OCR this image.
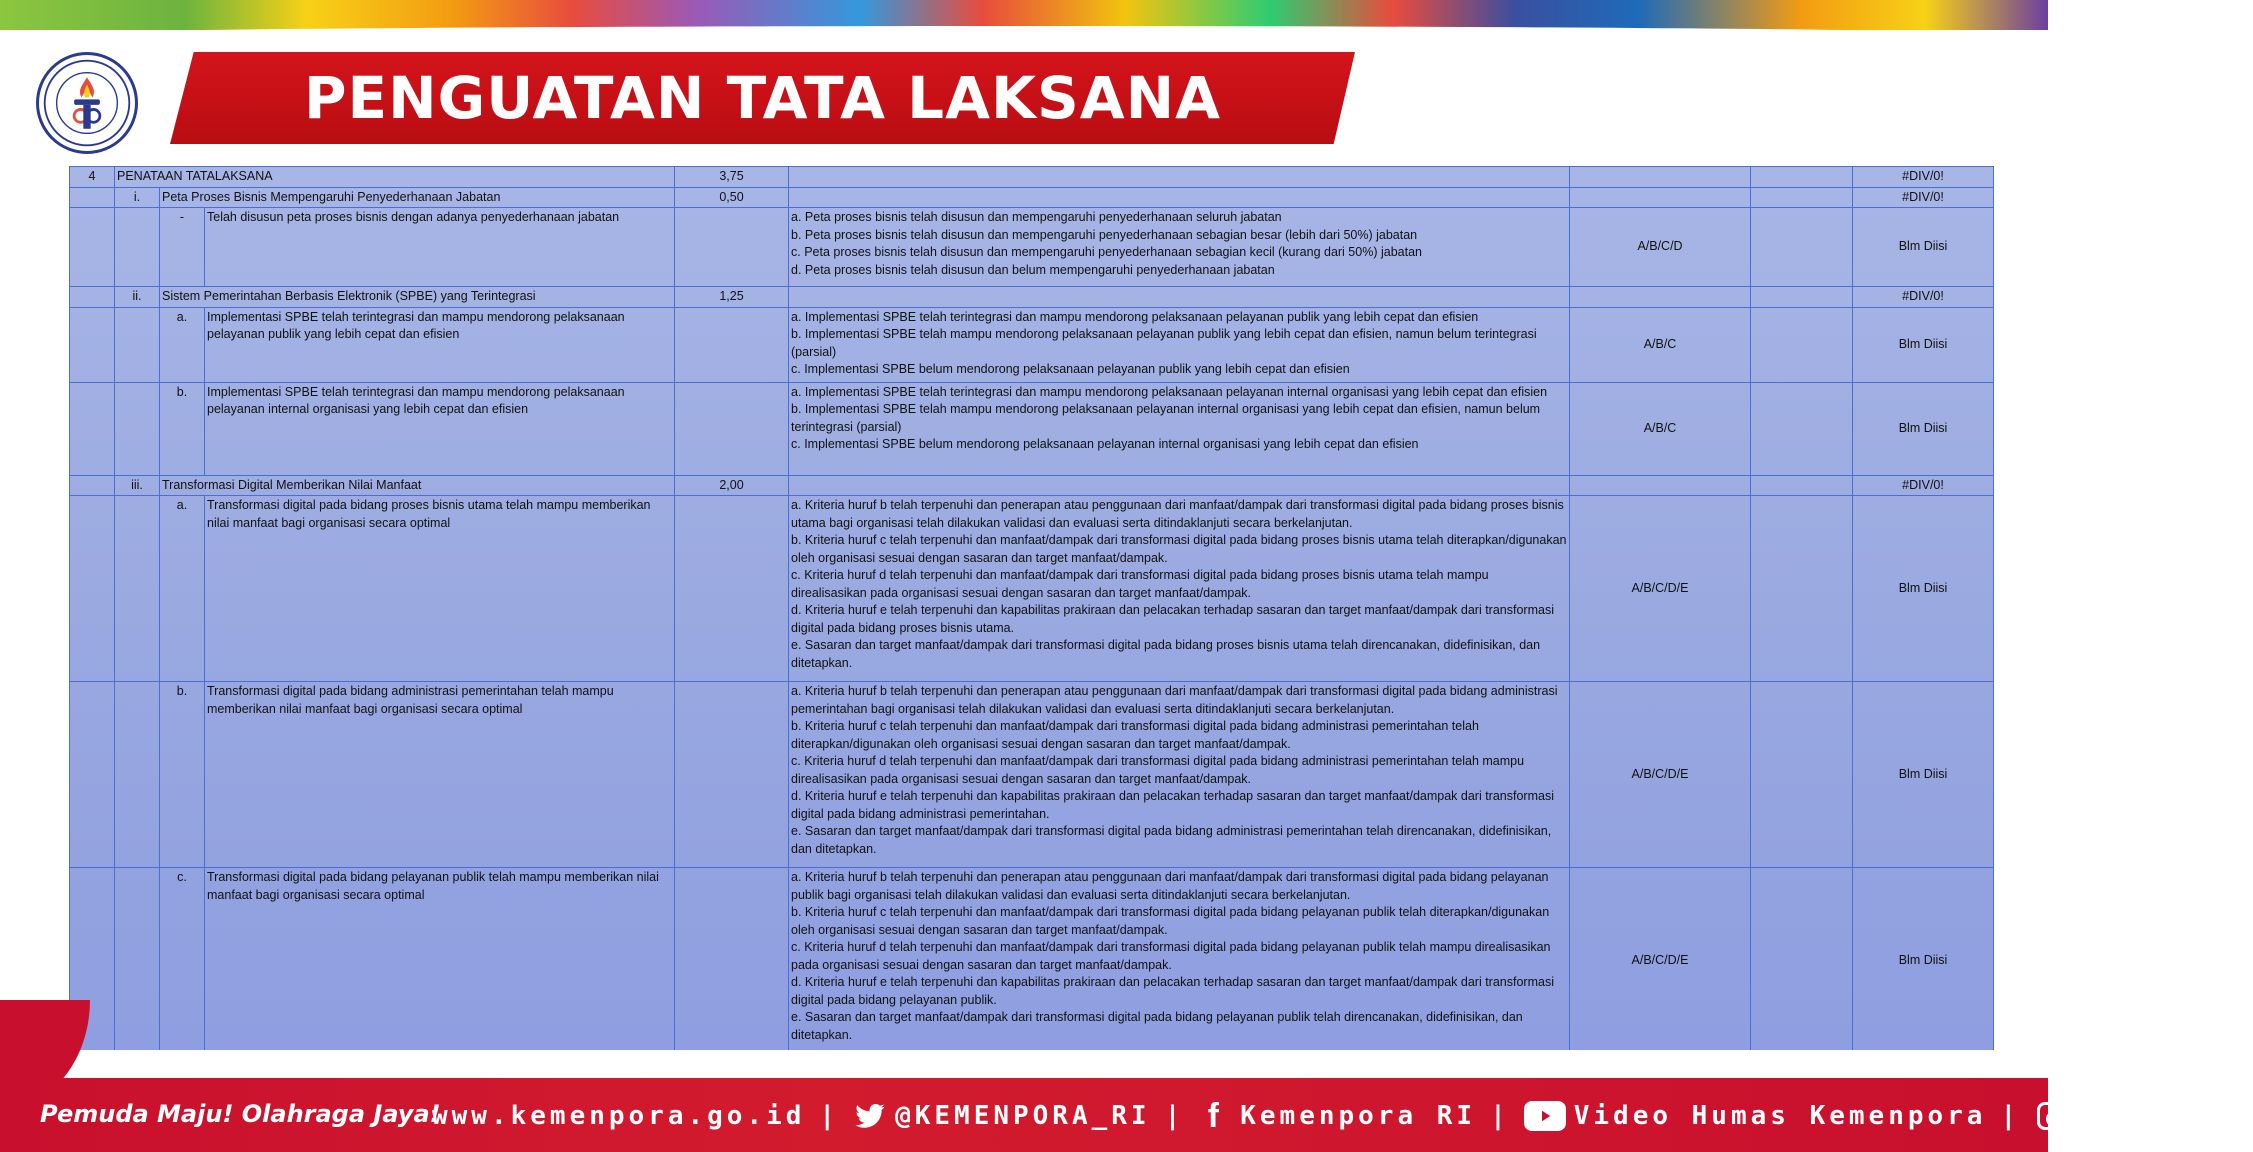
PENGUATAN TATA LAKSANA
4	PENATAAN TATALAKSANA			3,75				#DIV/0!
	i.	Peta Proses Bisnis Mempengaruhi Penyederhanaan Jabatan		0,50				#DIV/0!
		-	Telah disusun peta proses bisnis dengan adanya penyederhanaan jabatan		a. Peta proses bisnis telah disusun dan mempengaruhi penyederhanaan seluruh jabatan
b. Peta proses bisnis telah disusun dan mempengaruhi penyederhanaan sebagian besar (lebih dari 50%) jabatan
c. Peta proses bisnis telah disusun dan mempengaruhi penyederhanaan sebagian kecil (kurang dari 50%) jabatan
d. Peta proses bisnis telah disusun dan belum mempengaruhi penyederhanaan jabatan	A/B/C/D		Blm Diisi
	ii.	Sistem Pemerintahan Berbasis Elektronik (SPBE) yang Terintegrasi		1,25				#DIV/0!
		a.	Implementasi SPBE telah terintegrasi dan mampu mendorong pelaksanaan pelayanan publik yang lebih cepat dan efisien		a. Implementasi SPBE telah terintegrasi dan mampu mendorong pelaksanaan pelayanan publik yang lebih cepat dan efisien
b. Implementasi SPBE telah mampu mendorong pelaksanaan pelayanan publik yang lebih cepat dan efisien, namun belum terintegrasi (parsial)
c. Implementasi SPBE belum mendorong pelaksanaan pelayanan publik yang lebih cepat dan efisien	A/B/C		Blm Diisi
		b.	Implementasi SPBE telah terintegrasi dan mampu mendorong pelaksanaan pelayanan internal organisasi yang lebih cepat dan efisien		a. Implementasi SPBE telah terintegrasi dan mampu mendorong pelaksanaan pelayanan internal organisasi yang lebih cepat dan efisien
b. Implementasi SPBE telah mampu mendorong pelaksanaan pelayanan internal organisasi yang lebih cepat dan efisien, namun belum terintegrasi (parsial)
c. Implementasi SPBE belum mendorong pelaksanaan pelayanan internal organisasi yang lebih cepat dan efisien	A/B/C		Blm Diisi
	iii.	Transformasi Digital Memberikan Nilai Manfaat		2,00				#DIV/0!
		a.	Transformasi digital pada bidang proses bisnis utama telah mampu memberikan nilai manfaat bagi organisasi secara optimal		a. Kriteria huruf b telah terpenuhi dan penerapan atau penggunaan dari manfaat/dampak dari transformasi digital pada bidang proses bisnis utama bagi organisasi telah dilakukan validasi dan evaluasi serta ditindaklanjuti secara berkelanjutan.
b. Kriteria huruf c telah terpenuhi dan manfaat/dampak dari transformasi digital pada bidang proses bisnis utama telah diterapkan/digunakan oleh organisasi sesuai dengan sasaran dan target manfaat/dampak.
c. Kriteria huruf d telah terpenuhi dan manfaat/dampak dari transformasi digital pada bidang proses bisnis utama telah mampu direalisasikan pada organisasi sesuai dengan sasaran dan target manfaat/dampak.
d. Kriteria huruf e telah terpenuhi dan kapabilitas prakiraan dan pelacakan terhadap sasaran dan target manfaat/dampak dari transformasi digital pada bidang proses bisnis utama.
e. Sasaran dan target manfaat/dampak dari transformasi digital pada bidang proses bisnis utama telah direncanakan, didefinisikan, dan ditetapkan.	A/B/C/D/E		Blm Diisi
		b.	Transformasi digital pada bidang administrasi pemerintahan telah mampu memberikan nilai manfaat bagi organisasi secara optimal		a. Kriteria huruf b telah terpenuhi dan penerapan atau penggunaan dari manfaat/dampak dari transformasi digital pada bidang administrasi pemerintahan bagi organisasi telah dilakukan validasi dan evaluasi serta ditindaklanjuti secara berkelanjutan.
b. Kriteria huruf c telah terpenuhi dan manfaat/dampak dari transformasi digital pada bidang administrasi pemerintahan telah diterapkan/digunakan oleh organisasi sesuai dengan sasaran dan target manfaat/dampak.
c. Kriteria huruf d telah terpenuhi dan manfaat/dampak dari transformasi digital pada bidang administrasi pemerintahan telah mampu direalisasikan pada organisasi sesuai dengan sasaran dan target manfaat/dampak.
d. Kriteria huruf e telah terpenuhi dan kapabilitas prakiraan dan pelacakan terhadap sasaran dan target manfaat/dampak dari transformasi digital pada bidang administrasi pemerintahan.
e. Sasaran dan target manfaat/dampak dari transformasi digital pada bidang administrasi pemerintahan telah direncanakan, didefinisikan, dan ditetapkan.	A/B/C/D/E		Blm Diisi
		c.	Transformasi digital pada bidang pelayanan publik telah mampu memberikan nilai manfaat bagi organisasi secara optimal		a. Kriteria huruf b telah terpenuhi dan penerapan atau penggunaan dari manfaat/dampak dari transformasi digital pada bidang pelayanan publik bagi organisasi telah dilakukan validasi dan evaluasi serta ditindaklanjuti secara berkelanjutan.
b. Kriteria huruf c telah terpenuhi dan manfaat/dampak dari transformasi digital pada bidang pelayanan publik telah diterapkan/digunakan oleh organisasi sesuai dengan sasaran dan target manfaat/dampak.
c. Kriteria huruf d telah terpenuhi dan manfaat/dampak dari transformasi digital pada bidang pelayanan publik telah mampu direalisasikan pada organisasi sesuai dengan sasaran dan target manfaat/dampak.
d. Kriteria huruf e telah terpenuhi dan kapabilitas prakiraan dan pelacakan terhadap sasaran dan target manfaat/dampak dari transformasi digital pada bidang pelayanan publik.
e. Sasaran dan target manfaat/dampak dari transformasi digital pada bidang pelayanan publik telah direncanakan, didefinisikan, dan ditetapkan.	A/B/C/D/E		Blm Diisi
Pemuda Maju! Olahraga Jaya!
www.kemenpora.go.id | @KEMENPORA_RI | f Kemenpora RI | Video Humas Kemenpora | Kemenpora
